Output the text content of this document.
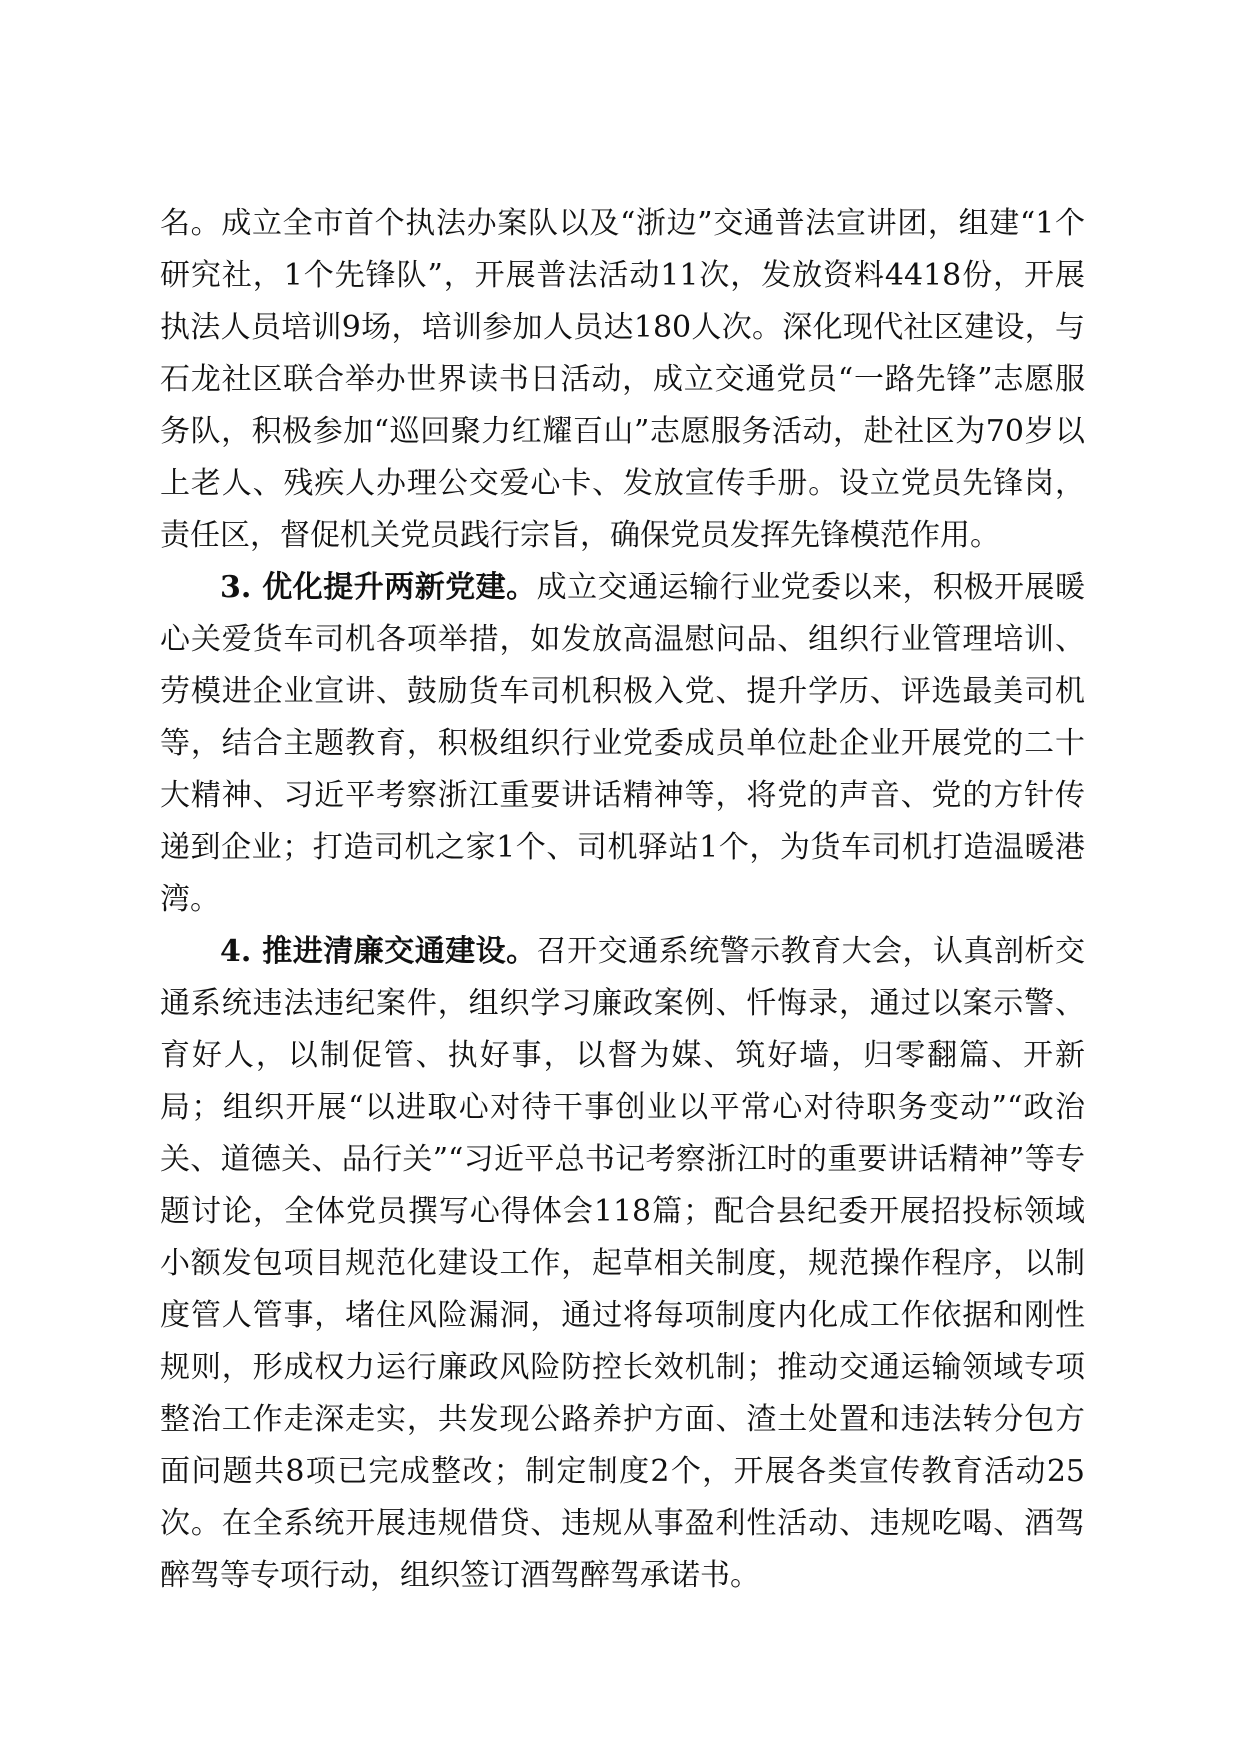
名。成立全市首个执法办案队以及“浙边”交通普法宣讲团，组建“1个研究社，1个先锋队”，开展普法活动11次，发放资料4418份，开展执法人员培训9场，培训参加人员达180人次。深化现代社区建设，与石龙社区联合举办世界读书日活动，成立交通党员“一路先锋”志愿服务队，积极参加“巡回聚力红耀百山”志愿服务活动，赴社区为70岁以上老人、残疾人办理公交爱心卡、发放宣传手册。设立党员先锋岗，责任区，督促机关党员践行宗旨，确保党员发挥先锋模范作用。

3. 优化提升两新党建。成立交通运输行业党委以来，积极开展暖心关爱货车司机各项举措，如发放高温慰问品、组织行业管理培训、劳模进企业宣讲、鼓励货车司机积极入党、提升学历、评选最美司机等，结合主题教育，积极组织行业党委成员单位赴企业开展党的二十大精神、习近平考察浙江重要讲话精神等，将党的声音、党的方针传递到企业；打造司机之家1个、司机驿站1个，为货车司机打造温暖港湾。

4. 推进清廉交通建设。召开交通系统警示教育大会，认真剖析交通系统违法违纪案件，组织学习廉政案例、忏悔录，通过以案示警、育好人，以制促管、执好事，以督为媒、筑好墙，归零翻篇、开新局；组织开展“以进取心对待干事创业以平常心对待职务变动”“政治关、道德关、品行关”“习近平总书记考察浙江时的重要讲话精神”等专题讨论，全体党员撰写心得体会118篇；配合县纪委开展招投标领域小额发包项目规范化建设工作，起草相关制度，规范操作程序，以制度管人管事，堵住风险漏洞，通过将每项制度内化成工作依据和刚性规则，形成权力运行廉政风险防控长效机制；推动交通运输领域专项整治工作走深走实，共发现公路养护方面、渣土处置和违法转分包方面问题共8项已完成整改；制定制度2个，开展各类宣传教育活动25次。在全系统开展违规借贷、违规从事盈利性活动、违规吃喝、酒驾醉驾等专项行动，组织签订酒驾醉驾承诺书。
